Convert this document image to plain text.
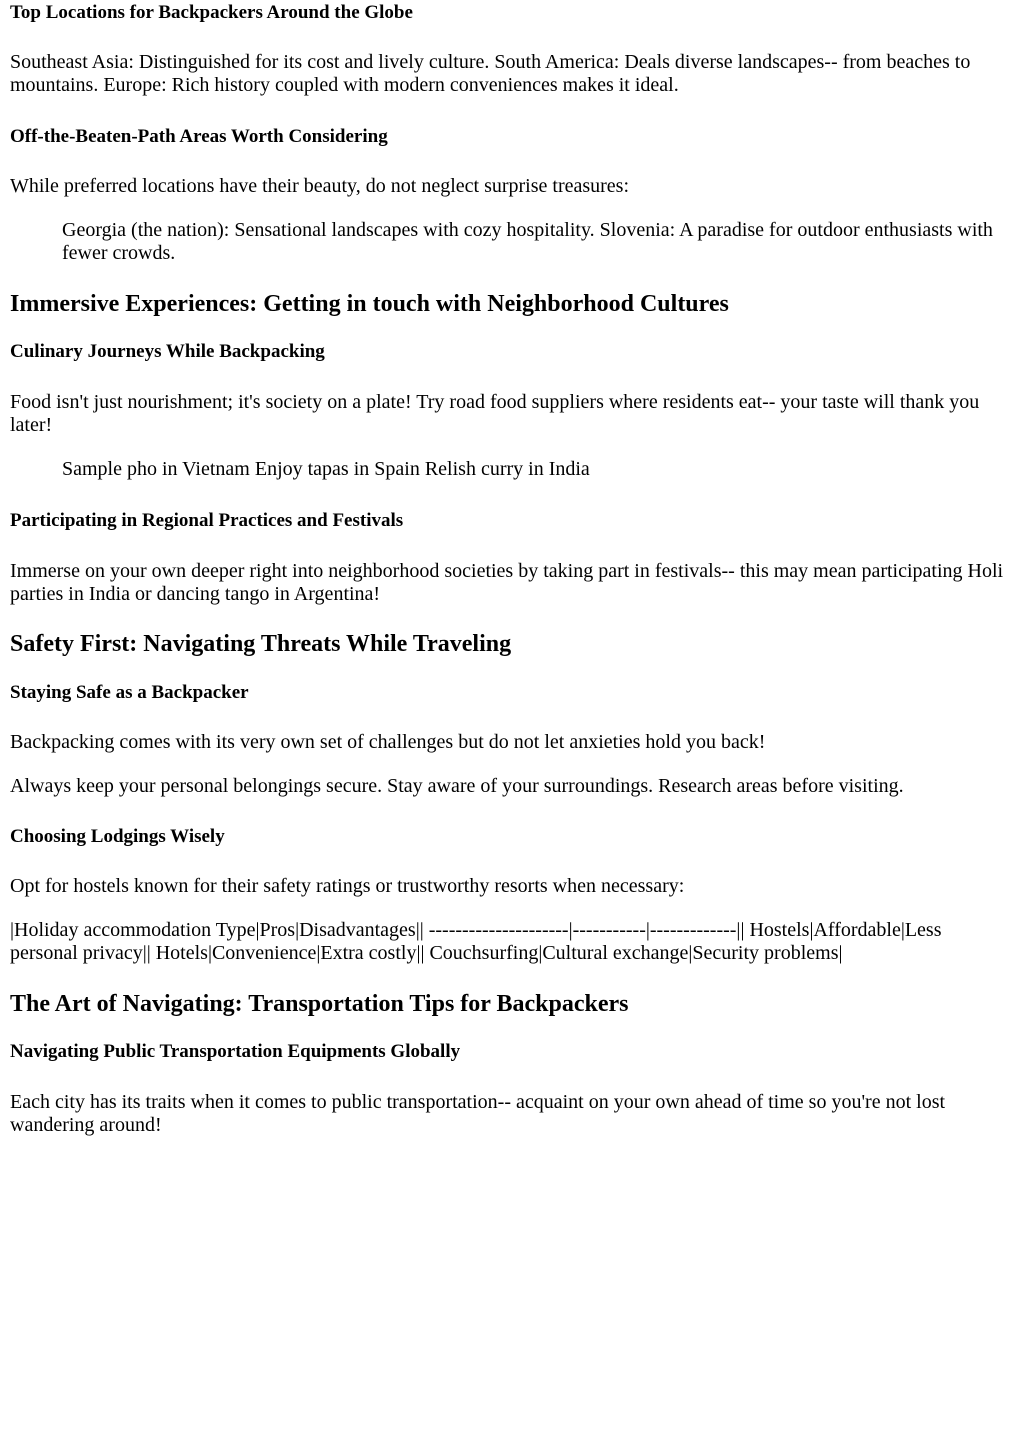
Top Locations for Backpackers Around the Globe

Southeast Asia: Distinguished for its cost and lively culture. South America: Deals diverse landscapes-- from beaches to mountains. Europe: Rich history coupled with modern conveniences makes it ideal.

Off-the-Beaten-Path Areas Worth Considering

While preferred locations have their beauty, do not neglect surprise treasures:

Georgia (the nation): Sensational landscapes with cozy hospitality. Slovenia: A paradise for outdoor enthusiasts with fewer crowds.
Immersive Experiences: Getting in touch with Neighborhood Cultures
Culinary Journeys While Backpacking

Food isn't just nourishment; it's society on a plate! Try road food suppliers where residents eat-- your taste will thank you later!

Sample pho in Vietnam Enjoy tapas in Spain Relish curry in India
Participating in Regional Practices and Festivals

Immerse on your own deeper right into neighborhood societies by taking part in festivals-- this may mean participating Holi parties in India or dancing tango in Argentina!

Safety First: Navigating Threats While Traveling
Staying Safe as a Backpacker

Backpacking comes with its very own set of challenges but do not let anxieties hold you back!

Always keep your personal belongings secure. Stay aware of your surroundings. Research areas before visiting.

Choosing Lodgings Wisely

Opt for hostels known for their safety ratings or trustworthy resorts when necessary:

|Holiday accommodation Type|Pros|Disadvantages|| ---------------------|-----------|-------------|| Hostels|Affordable|Less personal privacy|| Hotels|Convenience|Extra costly|| Couchsurfing|Cultural exchange|Security problems|

The Art of Navigating: Transportation Tips for Backpackers
Navigating Public Transportation Equipments Globally

Each city has its traits when it comes to public transportation-- acquaint on your own ahead of time so you're not lost wandering around!
